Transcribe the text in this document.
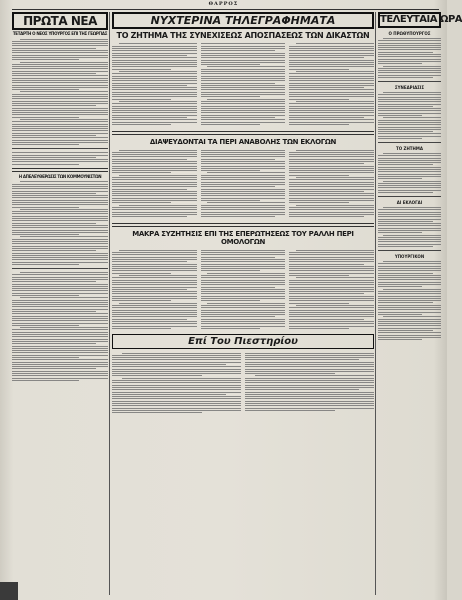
ΘΑΡΡΟΣ
ΠΡΩΤΑ ΝΕΑ
ΤΕΤΑΡΤΗ Ο ΝΕΟΣ ΥΠΟΥΡΓΟΣ ΕΠΙ ΤΗΣ ΓΕΩΡΓΙΑΣ
Η ΑΠΕΛΕΥΘΕΡΩΣΙΣ ΤΩΝ ΚΟΜΜΟΥΝΙΣΤΩΝ
ΝΥΧΤΕΡΙΝΑ ΤΗΛΕΓΡΑΦΗΜΑΤΑ
ΤΟ ΖΗΤΗΜΑ ΤΗΣ ΣΥΝΕΧΙΣΕΩΣ ΑΠΟΣΠΑΣΕΩΣ ΤΩΝ ΔΙΚΑΣΤΩΝ
ΔΙΑΨΕΥΔΟΝΤΑΙ ΤΑ ΠΕΡΙ ΑΝΑΒΟΛΗΣ ΤΩΝ ΕΚΛΟΓΩΝ
ΜΑΚΡΑ ΣΥΖΗΤΗΣΙΣ ΕΠΙ ΤΗΣ ΕΠΕΡΩΤΗΣΕΩΣ ΤΟΥ ΡΑΛΛΗ ΠΕΡΙ ΟΜΟΛΟΓΩΝ
Επί Του Πιεστηρίου
ΤΕΛΕΥΤΑΙΑ ΩΡΑ
Ο ΠΡΩΘΥΠΟΥΡΓΟΣ
ΣΥΝΕΔΡΙΑΣΙΣ
ΤΟ ΖΗΤΗΜΑ
ΑΙ ΕΚΛΟΓΑΙ
ΥΠΟΥΡΓΙΚΟΝ
